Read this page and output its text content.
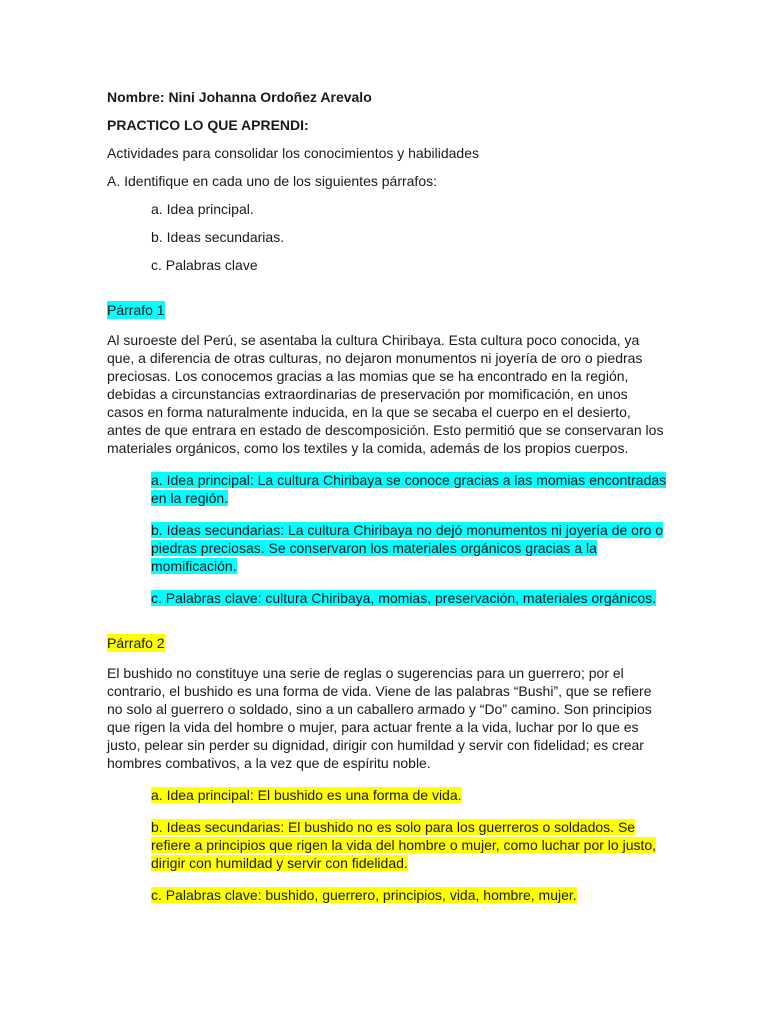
Nombre: Nini Johanna Ordoñez Arevalo

PRACTICO LO QUE APRENDI:

Actividades para consolidar los conocimientos y habilidades

A. Identifique en cada uno de los siguientes párrafos:

a. Idea principal.

b. Ideas secundarias.

c. Palabras clave

Párrafo 1

Al suroeste del Perú, se asentaba la cultura Chiribaya. Esta cultura poco conocida, ya que, a diferencia de otras culturas, no dejaron monumentos ni joyería de oro o piedras preciosas. Los conocemos gracias a las momias que se ha encontrado en la región, debidas a circunstancias extraordinarias de preservación por momificación, en unos casos en forma naturalmente inducida, en la que se secaba el cuerpo en el desierto, antes de que entrara en estado de descomposición. Esto permitió que se conservaran los materiales orgánicos, como los textiles y la comida, además de los propios cuerpos.

a. Idea principal: La cultura Chiribaya se conoce gracias a las momias encontradas en la región.

b. Ideas secundarias: La cultura Chiribaya no dejó monumentos ni joyería de oro o piedras preciosas. Se conservaron los materiales orgánicos gracias a la momificación.

c. Palabras clave: cultura Chiribaya, momias, preservación, materiales orgánicos.

Párrafo 2

El bushido no constituye una serie de reglas o sugerencias para un guerrero; por el contrario, el bushido es una forma de vida. Viene de las palabras “Bushi”, que se refiere no solo al guerrero o soldado, sino a un caballero armado y “Do” camino. Son principios que rigen la vida del hombre o mujer, para actuar frente a la vida, luchar por lo que es justo, pelear sin perder su dignidad, dirigir con humildad y servir con fidelidad; es crear hombres combativos, a la vez que de espíritu noble.

a. Idea principal: El bushido es una forma de vida.

b. Ideas secundarias: El bushido no es solo para los guerreros o soldados. Se refiere a principios que rigen la vida del hombre o mujer, como luchar por lo justo, dirigir con humildad y servir con fidelidad.

c. Palabras clave: bushido, guerrero, principios, vida, hombre, mujer.
